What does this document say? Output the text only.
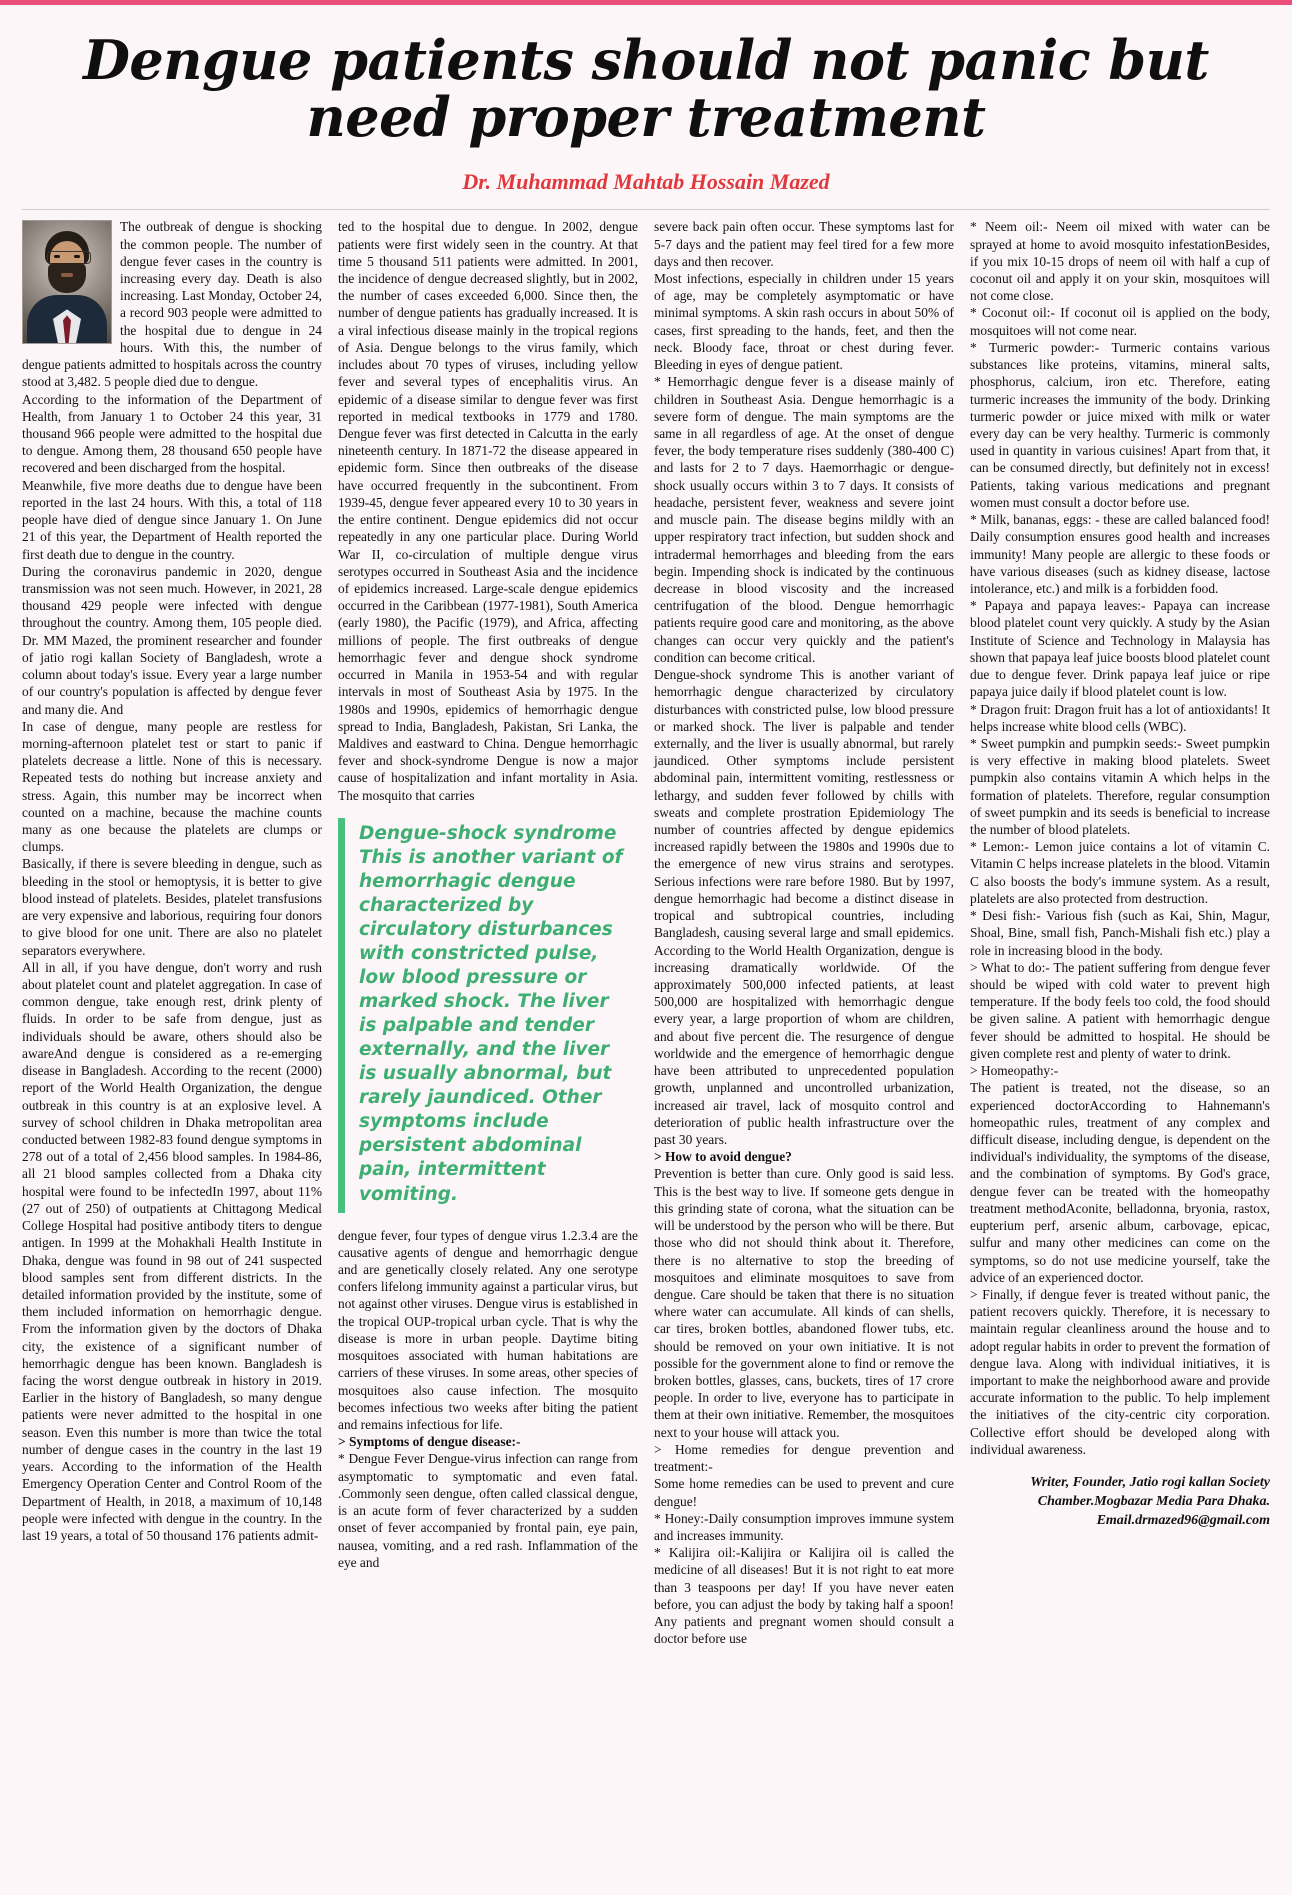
Dengue patients should not panic but need proper treatment
Dr. Muhammad Mahtab Hossain Mazed

The outbreak of dengue is shocking the common people. The number of dengue fever cases in the country is increasing every day. Death is also increasing. Last Monday, October 24, a record 903 people were admitted to the hospital due to dengue in 24 hours. With this, the number of dengue patients admitted to hospitals across the country stood at 3,482. 5 people died due to dengue.

According to the information of the Department of Health, from January 1 to October 24 this year, 31 thousand 966 people were admitted to the hospital due to dengue. Among them, 28 thousand 650 people have recovered and been discharged from the hospital.

Meanwhile, five more deaths due to dengue have been reported in the last 24 hours. With this, a total of 118 people have died of dengue since January 1. On June 21 of this year, the Department of Health reported the first death due to dengue in the country.

During the coronavirus pandemic in 2020, dengue transmission was not seen much. However, in 2021, 28 thousand 429 people were infected with dengue throughout the country. Among them, 105 people died. Dr. MM Mazed, the prominent researcher and founder of jatio rogi kallan Society of Bangladesh, wrote a column about today's issue. Every year a large number of our country's population is affected by dengue fever and many die. And

In case of dengue, many people are restless for morning-afternoon platelet test or start to panic if platelets decrease a little. None of this is necessary. Repeated tests do nothing but increase anxiety and stress. Again, this number may be incorrect when counted on a machine, because the machine counts many as one because the platelets are clumps or clumps.

Basically, if there is severe bleeding in dengue, such as bleeding in the stool or hemoptysis, it is better to give blood instead of platelets. Besides, platelet transfusions are very expensive and laborious, requiring four donors to give blood for one unit. There are also no platelet separators everywhere.

All in all, if you have dengue, don't worry and rush about platelet count and platelet aggregation. In case of common dengue, take enough rest, drink plenty of fluids. In order to be safe from dengue, just as individuals should be aware, others should also be awareAnd dengue is considered as a re-emerging disease in Bangladesh. According to the recent (2000) report of the World Health Organization, the dengue outbreak in this country is at an explosive level. A survey of school children in Dhaka metropolitan area conducted between 1982-83 found dengue symptoms in 278 out of a total of 2,456 blood samples. In 1984-86, all 21 blood samples collected from a Dhaka city hospital were found to be infectedIn 1997, about 11% (27 out of 250) of outpatients at Chittagong Medical College Hospital had positive antibody titers to dengue antigen. In 1999 at the Mohakhali Health Institute in Dhaka, dengue was found in 98 out of 241 suspected blood samples sent from different districts. In the detailed information provided by the institute, some of them included information on hemorrhagic dengue. From the information given by the doctors of Dhaka city, the existence of a significant number of hemorrhagic dengue has been known. Bangladesh is facing the worst dengue outbreak in history in 2019. Earlier in the history of Bangladesh, so many dengue patients were never admitted to the hospital in one season. Even this number is more than twice the total number of dengue cases in the country in the last 19 years. According to the information of the Health Emergency Operation Center and Control Room of the Department of Health, in 2018, a maximum of 10,148 people were infected with dengue in the country. In the last 19 years, a total of 50 thousand 176 patients admit-

ted to the hospital due to dengue. In 2002, dengue patients were first widely seen in the country. At that time 5 thousand 511 patients were admitted. In 2001, the incidence of dengue decreased slightly, but in 2002, the number of cases exceeded 6,000. Since then, the number of dengue patients has gradually increased. It is a viral infectious disease mainly in the tropical regions of Asia. Dengue belongs to the virus family, which includes about 70 types of viruses, including yellow fever and several types of encephalitis virus. An epidemic of a disease similar to dengue fever was first reported in medical textbooks in 1779 and 1780. Dengue fever was first detected in Calcutta in the early nineteenth century. In 1871-72 the disease appeared in epidemic form. Since then outbreaks of the disease have occurred frequently in the subcontinent. From 1939-45, dengue fever appeared every 10 to 30 years in the entire continent. Dengue epidemics did not occur repeatedly in any one particular place. During World War II, co-circulation of multiple dengue virus serotypes occurred in Southeast Asia and the incidence of epidemics increased. Large-scale dengue epidemics occurred in the Caribbean (1977-1981), South America (early 1980), the Pacific (1979), and Africa, affecting millions of people. The first outbreaks of dengue hemorrhagic fever and dengue shock syndrome occurred in Manila in 1953-54 and with regular intervals in most of Southeast Asia by 1975. In the 1980s and 1990s, epidemics of hemorrhagic dengue spread to India, Bangladesh, Pakistan, Sri Lanka, the Maldives and eastward to China. Dengue hemorrhagic fever and shock-syndrome Dengue is now a major cause of hospitalization and infant mortality in Asia. The mosquito that carries

Dengue-shock syndrome This is another variant of hemorrhagic dengue characterized by circulatory disturbances with constricted pulse, low blood pressure or marked shock. The liver is palpable and tender externally, and the liver is usually abnormal, but rarely jaundiced. Other symptoms include persistent abdominal pain, intermittent vomiting.

dengue fever, four types of dengue virus 1.2.3.4 are the causative agents of dengue and hemorrhagic dengue and are genetically closely related. Any one serotype confers lifelong immunity against a particular virus, but not against other viruses. Dengue virus is established in the tropical OUP-tropical urban cycle. That is why the disease is more in urban people. Daytime biting mosquitoes associated with human habitations are carriers of these viruses. In some areas, other species of mosquitoes also cause infection. The mosquito becomes infectious two weeks after biting the patient and remains infectious for life.

> Symptoms of dengue disease:-

* Dengue Fever Dengue-virus infection can range from asymptomatic to symptomatic and even fatal. .Commonly seen dengue, often called classical dengue, is an acute form of fever characterized by a sudden onset of fever accompanied by frontal pain, eye pain, nausea, vomiting, and a red rash. Inflammation of the eye and

severe back pain often occur. These symptoms last for 5-7 days and the patient may feel tired for a few more days and then recover.

Most infections, especially in children under 15 years of age, may be completely asymptomatic or have minimal symptoms. A skin rash occurs in about 50% of cases, first spreading to the hands, feet, and then the neck. Bloody face, throat or chest during fever. Bleeding in eyes of dengue patient.

* Hemorrhagic dengue fever is a disease mainly of children in Southeast Asia. Dengue hemorrhagic is a severe form of dengue. The main symptoms are the same in all regardless of age. At the onset of dengue fever, the body temperature rises suddenly (380-400 C) and lasts for 2 to 7 days. Haemorrhagic or dengue-shock usually occurs within 3 to 7 days. It consists of headache, persistent fever, weakness and severe joint and muscle pain. The disease begins mildly with an upper respiratory tract infection, but sudden shock and intradermal hemorrhages and bleeding from the ears begin. Impending shock is indicated by the continuous decrease in blood viscosity and the increased centrifugation of the blood. Dengue hemorrhagic patients require good care and monitoring, as the above changes can occur very quickly and the patient's condition can become critical.

Dengue-shock syndrome This is another variant of hemorrhagic dengue characterized by circulatory disturbances with constricted pulse, low blood pressure or marked shock. The liver is palpable and tender externally, and the liver is usually abnormal, but rarely jaundiced. Other symptoms include persistent abdominal pain, intermittent vomiting, restlessness or lethargy, and sudden fever followed by chills with sweats and complete prostration Epidemiology The number of countries affected by dengue epidemics increased rapidly between the 1980s and 1990s due to the emergence of new virus strains and serotypes. Serious infections were rare before 1980. But by 1997, dengue hemorrhagic had become a distinct disease in tropical and subtropical countries, including Bangladesh, causing several large and small epidemics. According to the World Health Organization, dengue is increasing dramatically worldwide. Of the approximately 500,000 infected patients, at least 500,000 are hospitalized with hemorrhagic dengue every year, a large proportion of whom are children, and about five percent die. The resurgence of dengue worldwide and the emergence of hemorrhagic dengue have been attributed to unprecedented population growth, unplanned and uncontrolled urbanization, increased air travel, lack of mosquito control and deterioration of public health infrastructure over the past 30 years.

> How to avoid dengue?

Prevention is better than cure. Only good is said less. This is the best way to live. If someone gets dengue in this grinding state of corona, what the situation can be will be understood by the person who will be there. But those who did not should think about it. Therefore, there is no alternative to stop the breeding of mosquitoes and eliminate mosquitoes to save from dengue. Care should be taken that there is no situation where water can accumulate. All kinds of can shells, car tires, broken bottles, abandoned flower tubs, etc. should be removed on your own initiative. It is not possible for the government alone to find or remove the broken bottles, glasses, cans, buckets, tires of 17 crore people. In order to live, everyone has to participate in them at their own initiative. Remember, the mosquitoes next to your house will attack you.

> Home remedies for dengue prevention and treatment:-

Some home remedies can be used to prevent and cure dengue!

* Honey:-Daily consumption improves immune system and increases immunity.

* Kalijira oil:-Kalijira or Kalijira oil is called the medicine of all diseases! But it is not right to eat more than 3 teaspoons per day! If you have never eaten before, you can adjust the body by taking half a spoon! Any patients and pregnant women should consult a doctor before use

* Neem oil:- Neem oil mixed with water can be sprayed at home to avoid mosquito infestationBesides, if you mix 10-15 drops of neem oil with half a cup of coconut oil and apply it on your skin, mosquitoes will not come close.

* Coconut oil:- If coconut oil is applied on the body, mosquitoes will not come near.

* Turmeric powder:- Turmeric contains various substances like proteins, vitamins, mineral salts, phosphorus, calcium, iron etc. Therefore, eating turmeric increases the immunity of the body. Drinking turmeric powder or juice mixed with milk or water every day can be very healthy. Turmeric is commonly used in quantity in various cuisines! Apart from that, it can be consumed directly, but definitely not in excess! Patients, taking various medications and pregnant women must consult a doctor before use.

* Milk, bananas, eggs: - these are called balanced food! Daily consumption ensures good health and increases immunity! Many people are allergic to these foods or have various diseases (such as kidney disease, lactose intolerance, etc.) and milk is a forbidden food.

* Papaya and papaya leaves:- Papaya can increase blood platelet count very quickly. A study by the Asian Institute of Science and Technology in Malaysia has shown that papaya leaf juice boosts blood platelet count due to dengue fever. Drink papaya leaf juice or ripe papaya juice daily if blood platelet count is low.

* Dragon fruit: Dragon fruit has a lot of antioxidants! It helps increase white blood cells (WBC).

* Sweet pumpkin and pumpkin seeds:- Sweet pumpkin is very effective in making blood platelets. Sweet pumpkin also contains vitamin A which helps in the formation of platelets. Therefore, regular consumption of sweet pumpkin and its seeds is beneficial to increase the number of blood platelets.

* Lemon:- Lemon juice contains a lot of vitamin C. Vitamin C helps increase platelets in the blood. Vitamin C also boosts the body's immune system. As a result, platelets are also protected from destruction.

* Desi fish:- Various fish (such as Kai, Shin, Magur, Shoal, Bine, small fish, Panch-Mishali fish etc.) play a role in increasing blood in the body.

> What to do:- The patient suffering from dengue fever should be wiped with cold water to prevent high temperature. If the body feels too cold, the food should be given saline. A patient with hemorrhagic dengue fever should be admitted to hospital. He should be given complete rest and plenty of water to drink.

> Homeopathy:-

The patient is treated, not the disease, so an experienced doctorAccording to Hahnemann's homeopathic rules, treatment of any complex and difficult disease, including dengue, is dependent on the individual's individuality, the symptoms of the disease, and the combination of symptoms. By God's grace, dengue fever can be treated with the homeopathy treatment methodAconite, belladonna, bryonia, rastox, eupterium perf, arsenic album, carbovage, epicac, sulfur and many other medicines can come on the symptoms, so do not use medicine yourself, take the advice of an experienced doctor.

> Finally, if dengue fever is treated without panic, the patient recovers quickly. Therefore, it is necessary to maintain regular cleanliness around the house and to adopt regular habits in order to prevent the formation of dengue lava. Along with individual initiatives, it is important to make the neighborhood aware and provide accurate information to the public. To help implement the initiatives of the city-centric city corporation. Collective effort should be developed along with individual awareness.

Writer, Founder, Jatio rogi kallan Society
Chamber.Mogbazar Media Para Dhaka.
Email.drmazed96@gmail.com
